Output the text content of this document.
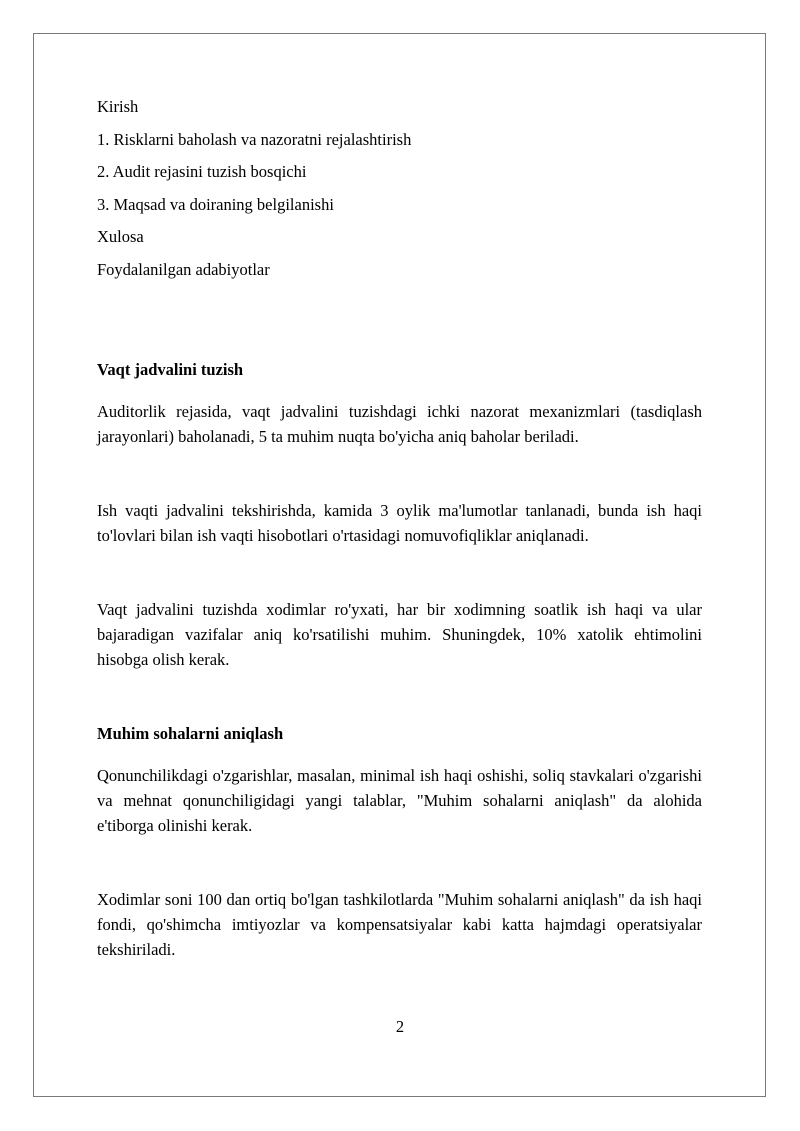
Kirish
1. Risklarni baholash va nazoratni rejalashtirish
2. Audit rejasini tuzish bosqichi
3. Maqsad va doiraning belgilanishi
Xulosa
Foydalanilgan adabiyotlar
Vaqt jadvalini tuzish

Auditorlik rejasida, vaqt jadvalini tuzishdagi ichki nazorat mexanizmlari (tasdiqlash jarayonlari) baholanadi, 5 ta muhim nuqta bo'yicha aniq baholar beriladi.

Ish vaqti jadvalini tekshirishda, kamida 3 oylik ma'lumotlar tanlanadi, bunda ish haqi to'lovlari bilan ish vaqti hisobotlari o'rtasidagi nomuvofiqliklar aniqlanadi.

Vaqt jadvalini tuzishda xodimlar ro'yxati, har bir xodimning soatlik ish haqi va ular bajaradigan vazifalar aniq ko'rsatilishi muhim. Shuningdek, 10% xatolik ehtimolini hisobga olish kerak.

Muhim sohalarni aniqlash

Qonunchilikdagi o'zgarishlar, masalan, minimal ish haqi oshishi, soliq stavkalari o'zgarishi va mehnat qonunchiligidagi yangi talablar, "Muhim sohalarni aniqlash" da alohida e'tiborga olinishi kerak.

Xodimlar soni 100 dan ortiq bo'lgan tashkilotlarda "Muhim sohalarni aniqlash" da ish haqi fondi, qo'shimcha imtiyozlar va kompensatsiyalar kabi katta hajmdagi operatsiyalar tekshiriladi.

2
